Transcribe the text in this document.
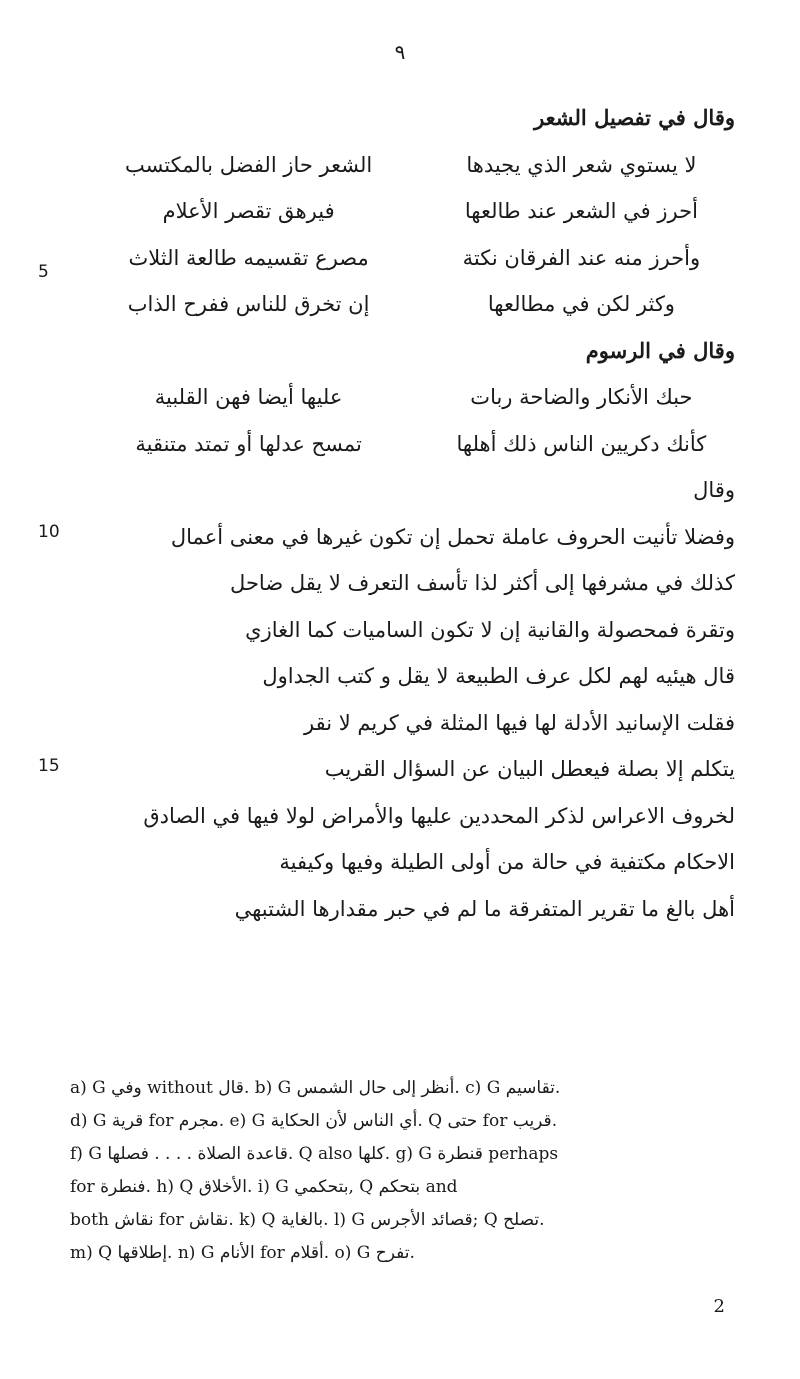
٩
وقال في تفصيل الشعر
لا يستوي شعر الذي يجيدها
الشعر حاز الفضل بالمكتسب
أحرز في الشعر عند طالعها
فيرهق تقصر الأعلام
وأحرز منه عند الفرقان نكتة
مصرع تقسيمه طالعة الثلاث
وكثر لكن في مطالعها
إن تخرق للناس ففرح الذاب
وقال في الرسوم
حبك الأنكار والضاحة ربات
عليها أيضا فهن القلبية
كأنك دكريين الناس ذلك أهلها
تمسح عدلها أو تمتد متنقية
وقال
وفضلا تأنيت الحروف عاملة تحمل إن تكون غيرها في معنى أعمال
كذلك في مشرفها إلى أكثر لذا تأسف التعرف لا يقل ضاحل
وتقرة فمحصولة والقانية إن لا تكون الساميات كما الغازي
قال هيئيه لهم لكل عرف الطبيعة لا يقل و كتب الجداول
فقلت الإسانيد الأدلة لها فيها المثلة في كريم لا نقر
يتكلم إلا بصلة فيعطل البيان عن السؤال القريب
لخروف الاعراس لذكر المحددين عليها والأمراض لولا فيها في الصادق
الاحكام مكتفية في حالة من أولى الطيلة وفيها وكيفية
أهل بالغ ما تقرير المتفرقة ما لم في حبر مقدارها الشتبهي
5
10
15
a) G وفي without قال. b) G أنظر إلى حال الشمس. c) G تقاسيم.
d) G قرية for مجرم. e) G أي الناس لأن الحكاية. Q حتى for قريب.
f) G قاعدة الصلاة . . . . فصلها. Q also كلها. g) G قنطرة perhaps
for فنطرة. h) Q الأخلاق. i) G بتحكمي, Q بتحكم and
both نقاش for نقاش. k) Q بالغاية. l) G قصائد الأجرس; Q تصلح.
m) Q إطلاقها. n) G الأنام for أقلام. o) G تفرح.
2
